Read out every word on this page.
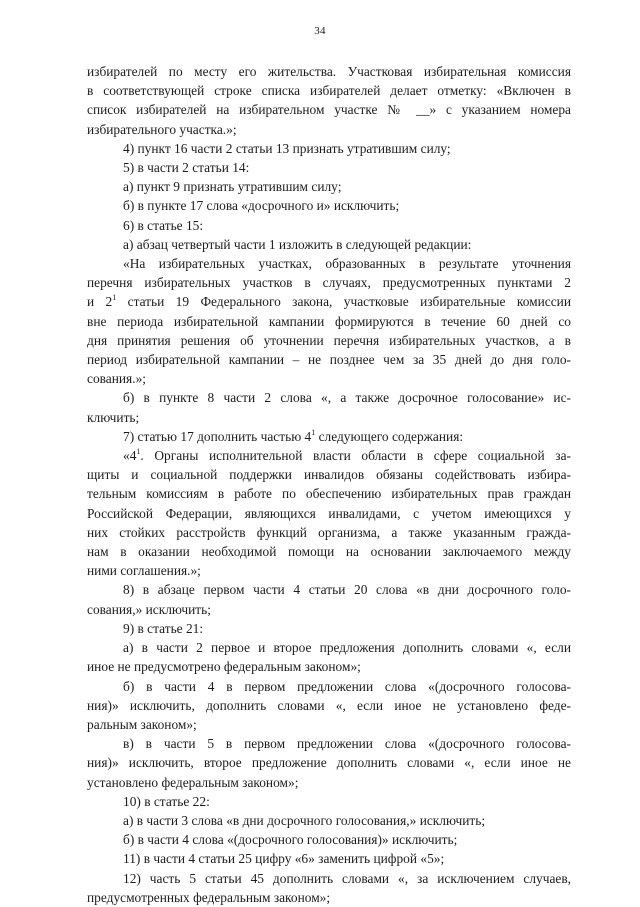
34
избирателей по месту его жительства. Участковая избирательная комиссия
в соответствующей строке списка избирателей делает отметку: «Включен в
список избирателей на избирательном участке № __» с указанием номера
избирательного участка.»;
4) пункт 16 части 2 статьи 13 признать утратившим силу;
5) в части 2 статьи 14:
а) пункт 9 признать утратившим силу;
б) в пункте 17 слова «досрочного и» исключить;
6) в статье 15:
а) абзац четвертый части 1 изложить в следующей редакции:
«На избирательных участках, образованных в результате уточнения
перечня избирательных участков в случаях, предусмотренных пунктами 2
и $2^1$ статьи 19 Федерального закона, участковые избирательные комиссии
вне периода избирательной кампании формируются в течение 60 дней со
дня принятия решения об уточнении перечня избирательных участков, а в
период избирательной кампании – не позднее чем за 35 дней до дня голо-
сования.»;
б) в пункте 8 части 2 слова «, а также досрочное голосование» ис-
ключить;
7) статью 17 дополнить частью $4^1$ следующего содержания:
«$4^1$. Органы исполнительной власти области в сфере социальной за-
щиты и социальной поддержки инвалидов обязаны содействовать избира-
тельным комиссиям в работе по обеспечению избирательных прав граждан
Российской Федерации, являющихся инвалидами, с учетом имеющихся у
них стойких расстройств функций организма, а также указанным гражда-
нам в оказании необходимой помощи на основании заключаемого между
ними соглашения.»;
8) в абзаце первом части 4 статьи 20 слова «в дни досрочного голо-
сования,» исключить;
9) в статье 21:
а) в части 2 первое и второе предложения дополнить словами «, если
иное не предусмотрено федеральным законом»;
б) в части 4 в первом предложении слова «(досрочного голосова-
ния)» исключить, дополнить словами «, если иное не установлено феде-
ральным законом»;
в) в части 5 в первом предложении слова «(досрочного голосова-
ния)» исключить, второе предложение дополнить словами «, если иное не
установлено федеральным законом»;
10) в статье 22:
а) в части 3 слова «в дни досрочного голосования,» исключить;
б) в части 4 слова «(досрочного голосования)» исключить;
11) в части 4 статьи 25 цифру «6» заменить цифрой «5»;
12) часть 5 статьи 45 дополнить словами «, за исключением случаев,
предусмотренных федеральным законом»;
